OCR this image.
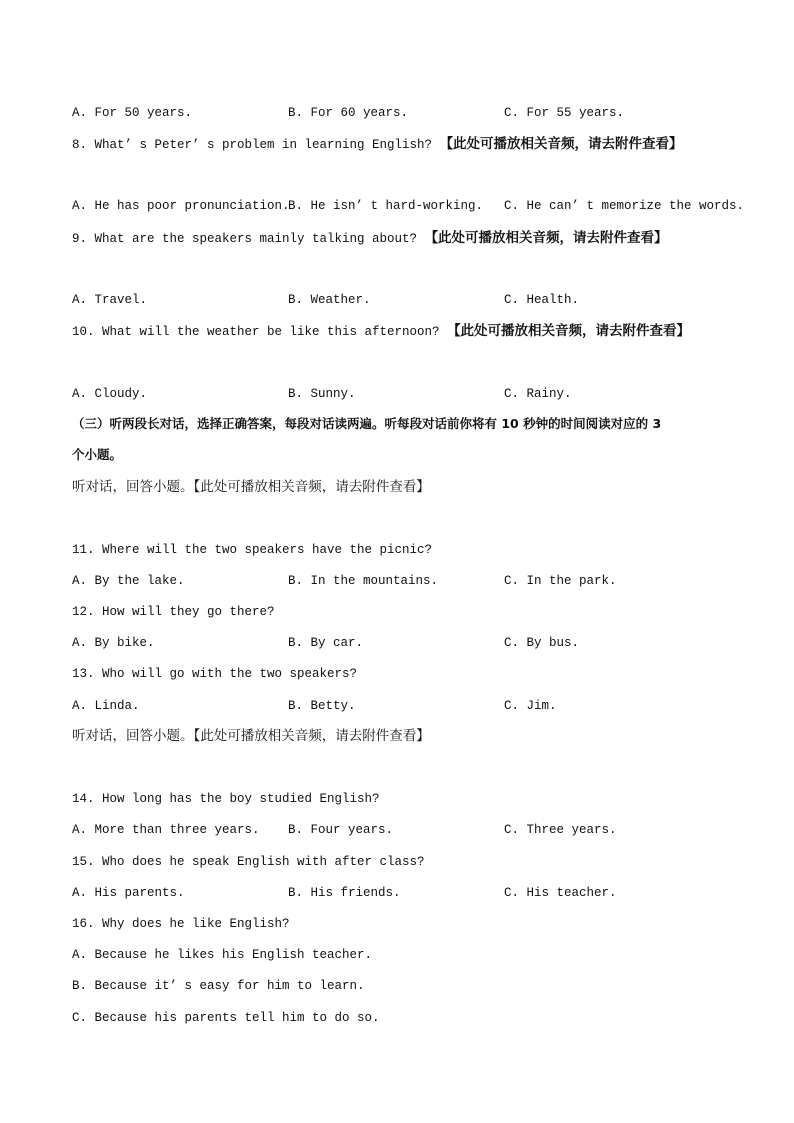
A. For 50 years.	B. For 60 years.	C. For 55 years.
8. What’ s Peter’ s problem in learning English? 【此处可播放相关音频，请去附件查看】
A. He has poor pronunciation.
B. He isn’ t hard-working. C. He can’ t memorize the words.
9. What are the speakers mainly talking about? 【此处可播放相关音频，请去附件查看】
A. Travel.	B. Weather.	C. Health.
10. What will the weather be like this afternoon? 【此处可播放相关音频，请去附件查看】
A. Cloudy.	B. Sunny.	C. Rainy.
（三）听两段长对话，选择正确答案，每段对话读两遍。听每段对话前你将有 10 秒钟的时间阅读对应的 3
个小题。
听对话，回答小题。【此处可播放相关音频，请去附件查看】
11. Where will the two speakers have the picnic?
A. By the lake.	B. In the mountains.	C. In the park.
12. How will they go there?
A. By bike.	B. By car.	C. By bus.
13. Who will go with the two speakers?
A. Linda.	B. Betty.	C. Jim.
听对话，回答小题。【此处可播放相关音频，请去附件查看】
14. How long has the boy studied English?
A. More than three years. B. Four years.	C. Three years.
15. Who does he speak English with after class?
A. His parents.	B. His friends.	C. His teacher.
16. Why does he like English?
A. Because he likes his English teacher.
B. Because it’ s easy for him to learn.
C. Because his parents tell him to do so.
